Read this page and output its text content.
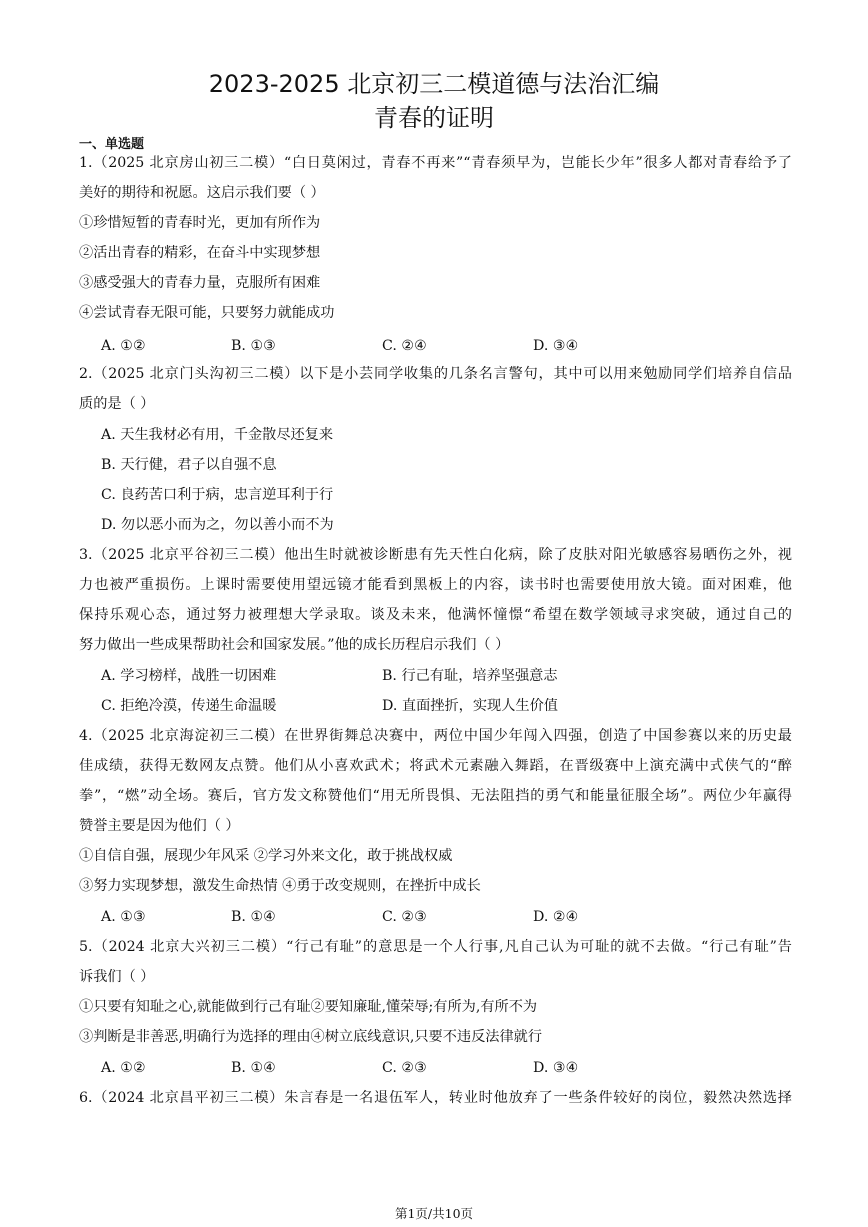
2023-2025 北京初三二模道德与法治汇编
青春的证明
一、单选题
1.（2025 北京房山初三二模）“白日莫闲过，青春不再来”“青春须早为，岂能长少年”很多人都对青春给予了
美好的期待和祝愿。这启示我们要（ ）
①珍惜短暂的青春时光，更加有所作为
②活出青春的精彩，在奋斗中实现梦想
③感受强大的青春力量，克服所有困难
④尝试青春无限可能，只要努力就能成功
A. ①②	B. ①③	C. ②④	D. ③④
2.（2025 北京门头沟初三二模）以下是小芸同学收集的几条名言警句，其中可以用来勉励同学们培养自信品
质的是（ ）
A. 天生我材必有用，千金散尽还复来
B. 天行健，君子以自强不息
C. 良药苦口利于病，忠言逆耳利于行
D. 勿以恶小而为之，勿以善小而不为
3.（2025 北京平谷初三二模）他出生时就被诊断患有先天性白化病，除了皮肤对阳光敏感容易晒伤之外，视
力也被严重损伤。上课时需要使用望远镜才能看到黑板上的内容，读书时也需要使用放大镜。面对困难，他
保持乐观心态，通过努力被理想大学录取。谈及未来，他满怀憧憬“希望在数学领域寻求突破，通过自己的
努力做出一些成果帮助社会和国家发展。”他的成长历程启示我们（ ）
A. 学习榜样，战胜一切困难	B. 行己有耻，培养坚强意志
C. 拒绝冷漠，传递生命温暖	D. 直面挫折，实现人生价值
4.（2025 北京海淀初三二模）在世界街舞总决赛中，两位中国少年闯入四强，创造了中国参赛以来的历史最
佳成绩，获得无数网友点赞。他们从小喜欢武术；将武术元素融入舞蹈，在晋级赛中上演充满中式侠气的“醉
拳”，“燃”动全场。赛后，官方发文称赞他们“用无所畏惧、无法阻挡的勇气和能量征服全场”。两位少年赢得
赞誉主要是因为他们（ ）
①自信自强，展现少年风采 ②学习外来文化，敢于挑战权威
③努力实现梦想，激发生命热情 ④勇于改变规则，在挫折中成长
A. ①③	B. ①④	C. ②③	D. ②④
5.（2024 北京大兴初三二模）“行己有耻”的意思是一个人行事,凡自己认为可耻的就不去做。“行己有耻”告
诉我们（ ）
①只要有知耻之心,就能做到行己有耻②要知廉耻,懂荣辱;有所为,有所不为
③判断是非善恶,明确行为选择的理由④树立底线意识,只要不违反法律就行
A. ①②	B. ①④	C. ②③	D. ③④
6.（2024 北京昌平初三二模）朱言春是一名退伍军人，转业时他放弃了一些条件较好的岗位，毅然决然选择
第1页/共10页
